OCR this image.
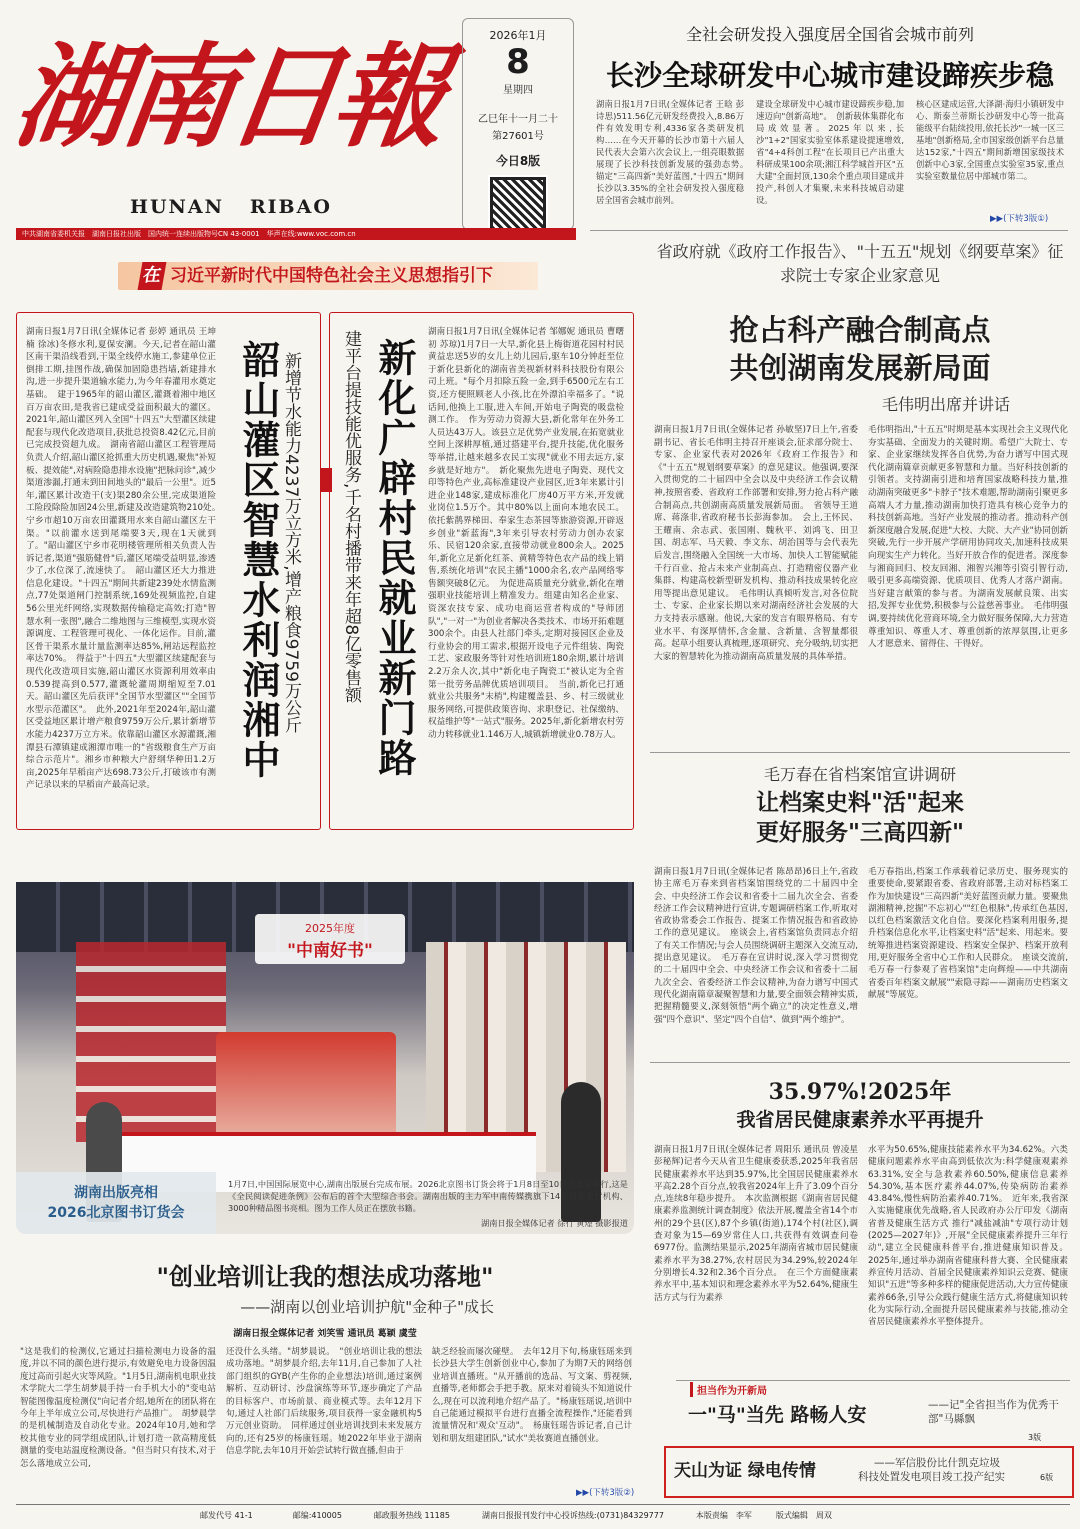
湖南日報
HUNAN   RIBAO
2026年1月
8
星期四
乙巳年十一月二十
第27601号
今日8版
中共湖南省委机关报　湖南日报社出版　国内统一连续出版物号CN 43-0001　华声在线:www.voc.com.cn
全社会研发投入强度居全国省会城市前列
长沙全球研发中心城市建设蹄疾步稳
湖南日报1月7日讯(全媒体记者 王晗 彭诗思)511.56亿元研发经费投入,8.86万件有效发明专利,4336家各类研发机构……在今天开幕的长沙市第十六届人民代表大会第六次会议上,一组亮眼数据展现了长沙科技创新发展的强劲态势。　锚定"三高四新"美好蓝图,"十四五"期间长沙以3.35%的全社会研发投入强度稳居全国省会城市前列。
建设全球研发中心城市建设蹄疾步稳,加速迈向"创新高地"。　创新载体集群化布局成效显著。2025年以来,长沙"1+2"国家实验室体系建设提速增效,省"4+4科创工程"在长项目已产出重大科研成果100余项;湘江科学城首开区"五大建"全面封顶,130余个重点项目建成并投产,科创人才集聚,未来科技城启动建设。
核心区建成运营,大泽湖·海归小镇研发中心、斯泰兰蒂斯长沙研发中心等一批高能级平台陆续投用,依托长沙"一城一区三基地"创新格局,全市国家级创新平台总量达152家,"十四五"期间新增国家级技术创新中心3家,全国重点实验室35家,重点实验室数量位居中部城市第二。
▶▶(下转3版①)
在 习近平新时代中国特色社会主义思想指引下
湖南日报1月7日讯(全媒体记者 彭婷 通讯员 王坤楠 徐冰)冬修水利,夏保安澜。今天,记者在韶山灌区南干渠沿线看到,干渠全线停水施工,参建单位正倒排工期,挂图作战,确保加固隐患挡墙,新建排水沟,进一步提升渠道输水能力,为今年春灌用水奠定基础。　建于1965年的韶山灌区,灌溉着湘中地区百万亩农田,是我省已建成受益面积最大的灌区。2021年,韶山灌区列入全国"十四五"大型灌区续建配套与现代化改造项目,获批总投资8.42亿元,目前已完成投资超九成。　湖南省韶山灌区工程管理局负责人介绍,韶山灌区抢抓重大历史机遇,聚焦"补短板、提效能",对病险隐患排水设施"把脉问诊",减少渠道渗漏,打通末到田间地头的"最后一公里"。近5年,灌区累计改造干(支)渠280余公里,完成渠道险工险段除险加固24公里,新建及改造建筑物210处。　宁乡市超10万亩农田灌溉用水来自韶山灌区左干渠。"以前灌水送到尾端要3天,现在1天就到了。"韶山灌区宁乡市花明楼管理所相关负责人告诉记者,渠道"强筋健骨"后,灌区尾端受益明显,渗透少了,水位深了,流速快了。　韶山灌区还大力推进信息化建设。"十四五"期间共新建239处水情监测点,77处渠道闸门控制系统,169处视频监控,自建56公里光纤网络,实现数据传输稳定高效;打造"智慧水利一张图",融合二维地图与三维模型,实现水资源调度、工程管理可视化、一体化运作。目前,灌区骨干渠系水量计量监测率达85%,闸站远程监控率达70%。　得益于"十四五"大型灌区续建配套与现代化改造项目实施,韶山灌区水资源利用效率由0.539提高到0.577,灌溉轮灌周期缩短至7.01天。韶山灌区先后获评"全国节水型灌区""全国节水型示范灌区"。　此外,2021年至2024年,韶山灌区受益地区累计增产粮食9759万公斤,累计新增节水能力4237万立方米。依靠韶山灌区水源灌溉,湘潭县石潭镇建成湘潭市唯一的"省级粮食生产万亩综合示范片"。湘乡市种粮大户舒纲华种田1.2万亩,2025年早稻亩产达698.73公斤,打破该市有测产记录以来的早稻亩产最高记录。
韶山灌区智慧水利润湘中 新增节水能力4237万立方米,增产粮食9759万公斤 建平台提技能优服务,千名村播带来年超8亿零售额 新化广辟村民就业新门路
湖南日报1月7日讯(全媒体记者 邹娜妮 通讯员 曹曙初 苏琼)1月7日一大早,新化县上梅街道花园村村民黄益忠送5岁的女儿上幼儿园后,驱车10分钟赶至位于新化县新化的湖南省美视新材料科技股份有限公司上班。"每个月扣除五险一金,到手6500元左右工资,还方便照顾老人小孩,比在外漂泊幸福多了。"说话间,他换上工服,进入车间,开始电子陶瓷的吸盘检测工作。　作为劳动力资源大县,新化常年在外务工人员达43万人。该县立足优势产业发展,在拓宽就业空间上深耕厚植,通过搭建平台,提升技能,优化服务等举措,让越来越多农民工实现"就业不用去远方,家乡就是好地方"。　新化聚焦先进电子陶瓷、现代文印等特色产业,高标准建设产业园区,近3年来累计引进企业148家,建成标准化厂房40万平方米,开发就业岗位1.5万个。其中80%以上面向本地农民工。依托紫鹊界梯田、奉家生态茶园等旅游资源,开辟返乡创业"新蓝海",3年来引导农村劳动力创办农家乐、民宿120余家,直接带动就业800余人。2025年,新化立足新化红茶、黄精等特色农产品的线上销售,系统化培训"农民主播"1000余名,农产品网络零售额突破8亿元。　为促进高质量充分就业,新化在增强职业技能培训上精准发力。组建由知名企业家、资深农技专家、成功电商运营者构成的"导师团队","一对一"为创业者解决各类技术、市场开拓难题300余个。由县人社部门牵头,定期对接园区企业及行业协会的用工需求,根据开设电子元件组装、陶瓷工艺、家政服务等针对性培训班180余期,累计培训2.2万余人次,其中"新化电子陶瓷工"被认定为全省第一批劳务品牌优质培训项目。　当前,新化已打通就业公共服务"末梢",构建覆盖县、乡、村三级就业服务网络,可提供政策咨询、求职登记、社保缴纳、权益维护等"一站式"服务。2025年,新化新增农村劳动力转移就业1.146万人,城镇新增就业0.78万人。
省政府就《政府工作报告》、"十五五"规划《纲要草案》征求院士专家企业家意见
抢占科产融合制高点
共创湖南发展新局面
毛伟明出席并讲话
湖南日报1月7日讯(全媒体记者 孙敏坚)7日上午,省委副书记、省长毛伟明主持召开座谈会,征求部分院士、专家、企业家代表对2026年《政府工作报告》和《"十五五"规划纲要草案》的意见建议。他强调,要深入贯彻党的二十届四中全会以及中央经济工作会议精神,按照省委、省政府工作部署和安排,努力抢占科产融合制高点,共创湖南高质量发展新局面。　省领导王道席、蒋涤非,省政府秘书长彭海参加。　会上,王怀民、王耀南、余志武、张国刚、魏秋平、刘鸿飞、田卫国、胡志军、马天毅、李文东、胡治国等与会代表先后发言,围绕融入全国统一大市场、加快人工智能赋能千行百业、抢占未来产业制高点、打造精密仪器产业集群、构建高校新型研发机构、推动科技成果转化应用等提出意见建议。　毛伟明认真倾听发言,对各位院士、专家、企业家长期以来对湖南经济社会发展的大力支持表示感谢。他说,大家的发言有眼界格局、有专业水平、有深厚情怀,含金量、含新量、含智量都很高。起草小组要认真梳理,逐项研究、充分吸纳,切实把大家的智慧转化为推动湖南高质量发展的具体举措。
毛伟明指出,"十五五"时期是基本实现社会主义现代化夯实基础、全面发力的关键时期。希望广大院士、专家、企业家继续发挥各自优势,为奋力谱写中国式现代化湖南篇章贡献更多智慧和力量。当好科技创新的引领者。支持湖南引进和培育国家战略科技力量,推动湖南突破更多"卡脖子"技术难题,帮助湖南引聚更多高端人才力量,推动湖南加快打造具有核心竞争力的科技创新高地。当好产业发展的推动者。推动科产创新深度融合发展,促进"大校、大院、大产业"协同创新突破,先行一步开展产学研用协同攻关,加速科技成果向现实生产力转化。当好开放合作的促进者。深度参与湘商回归、校友回湘、湘智兴湘等引资引智行动,吸引更多高端资源、优质项目、优秀人才落户湖南。当好建言献策的参与者。为湖南发展献良策、出实招,发挥专业优势,积极参与公益慈善事业。　毛伟明强调,要持续优化营商环境,全力做好服务保障,大力营造尊重知识、尊重人才、尊重创新的浓厚氛围,让更多人才愿意来、留得住、干得好。
毛万春在省档案馆宣讲调研
让档案史料"活"起来
更好服务"三高四新"
湖南日报1月7日讯(全媒体记者 陈昂昂)6日上午,省政协主席毛万春来到省档案馆围绕党的二十届四中全会、中央经济工作会议和省委十二届九次全会、省委经济工作会议精神进行宣讲,专题调研档案工作,听取对省政协常委会工作报告、提案工作情况报告和省政协工作的意见建议。　座谈会上,省档案馆负责同志介绍了有关工作情况;与会人员围绕调研主题深入交流互动,提出意见建议。　毛万春在宣讲时说,深入学习贯彻党的二十届四中全会、中央经济工作会议和省委十二届九次全会、省委经济工作会议精神,为奋力谱写中国式现代化湖南篇章凝聚智慧和力量,要全面领会精神实质,把握精髓要义,深刻领悟"两个确立"的决定性意义,增强"四个意识"、坚定"四个自信"、做到"两个维护"。
毛万春指出,档案工作承载着记录历史、服务现实的重要使命,要紧跟省委、省政府部署,主动对标档案工作为加快建设"三高四新"美好蓝图贡献力量。要聚焦湖湘精神,挖掘"不忘初心""红色根脉",传承红色基因,以红色档案激活文化自信。要深化档案利用服务,提升档案信息化水平,让档案史料"活"起来、用起来。要统筹推进档案资源建设、档案安全保护、档案开放利用,更好服务全省中心工作和人民群众。　座谈交流前,毛万春一行参观了省档案馆"走向辉煌——中共湖南省委百年档案文献展""索隐寻踪——湖南历史档案文献展"等展览。
35.97%!2025年
我省居民健康素养水平再提升
湖南日报1月7日讯(全媒体记者 周阳乐 通讯员 曾凌星 彭秘辉)记者今天从省卫生健康委获悉,2025年我省居民健康素养水平达到35.97%,比全国居民健康素养水平高2.28个百分点,较我省2024年上升了3.09个百分点,连续8年稳步提升。　本次监测根据《湖南省居民健康素养监测统计调查制度》依法开展,覆盖全省14个市州的29个县(区),87个乡镇(街道),174个村(社区),调查对象为15—69岁常住人口,共获得有效调查问卷6977份。监测结果显示,2025年湖南省城市居民健康素养水平为38.27%,农村居民为34.29%,较2024年分别增长4.32和2.36个百分点。　在三个方面健康素养水平中,基本知识和理念素养水平为52.64%,健康生活方式与行为素养
水平为50.65%,健康技能素养水平为34.62%。六类健康问题素养水平由高到低依次为:科学健康观素养63.31%,安全与急救素养60.50%,健康信息素养54.30%,基本医疗素养44.07%,传染病防治素养43.84%,慢性病防治素养40.71%。　近年来,我省深入实施健康优先战略,省人民政府办公厅印发《湖南省普及健康生活方式 推行"减盐减油"专项行动计划(2025—2027年)》,开展"全民健康素养提升三年行动",建立全民健康科普平台,推进健康知识普及。2025年,通过举办湖南省健康科普大赛、全民健康素养宣传月活动、首届全民健康素养知识云竞赛、健康知识"五进"等多种多样的健康促进活动,大力宣传健康素养66条,引导公众践行健康生活方式,将健康知识转化为实际行动,全面提升居民健康素养与技能,推动全省居民健康素养水平整体提升。
2025年度
"中南好书"
湖南出版亮相
2026北京图书订货会
1月7日,中国国际展览中心,湖南出版展台完成布展。2026北京图书订货会将于1月8日至10日在北京举行,这是《全民阅读促进条例》公布后的首个大型综合书会。湖南出版的主力军中南传媒携旗下14家出版发行机构、3000种精品图书亮相。图为工作人员正在摆放书籍。
湖南日报全媒体记者 徐行 黄煌 摄影报道
"创业培训让我的想法成功落地"
——湖南以创业培训护航"金种子"成长
湖南日报全媒体记者 刘笑雪 通讯员 葛颖 虞莹
"这是我们的检测仪,它通过扫描检测电力设备的温度,并以不同的颜色进行提示,有效避免电力设备因温度过高而引起火灾等风险。"1月5日,湖南机电职业技术学院大二学生胡梦晨手持一台手机大小的"变电站智能图像温度检测仪"向记者介绍,她所在的团队将在今年上半年成立公司,尽快进行产品推广。　胡梦晨学的是机械制造及自动化专业。2024年10月,她和学校其他专业的同学组成团队,计划打造一款高精度低测量的变电站温度检测设备。"但当时只有技术,对于怎么落地成立公司,
还没什么头绪。"胡梦晨说。　"创业培训让我的想法成功落地。"胡梦晨介绍,去年11月,自己参加了人社部门组织的GYB(产生你的企业想法)培训,通过案例解析、互动研讨、沙盘演练等环节,逐步确定了产品的目标客户、市场前景、商业模式等。去年12月下旬,通过人社部门后续服务,项目获得一家金融机构5万元创业资助。　同样通过创业培训找到未来发展方向的,还有25岁的杨康钰瑶。她2022年毕业于湖南信息学院,去年10月开始尝试转行做直播,但由于
缺乏经验而屡次碰壁。　去年12月下旬,杨康钰瑶来到长沙县大学生创新创业中心,参加了为期7天的网络创业培训直播班。"从开播前的选品、写文案、剪视频,直播等,老师都会手把手教。原来对着镜头不知道说什么,现在可以流利地介绍产品了。"杨康钰瑶说,培训中自己能通过模拟平台进行直播全流程操作,"还能看到流量情况和'观众'互动"。　杨康钰瑶告诉记者,自己计划和朋友组建团队,"试水"美妆赛道直播创业。
▶▶(下转3版②)
担当作为开新局
一"马"当先 路畅人安	——记"全省担当作为优秀干部"马縣飘
3版
天山为证 绿电传情	——军信股份比什凯克垃圾
科技处置发电项目竣工投产纪实	6版
邮发代号 41-1　　　　　邮编:410005　　　　邮政服务热线 11185　　　　湖南日报报刊发行中心投诉热线:(0731)84329777　　　　本版责编　李军　　　版式编辑　周双
